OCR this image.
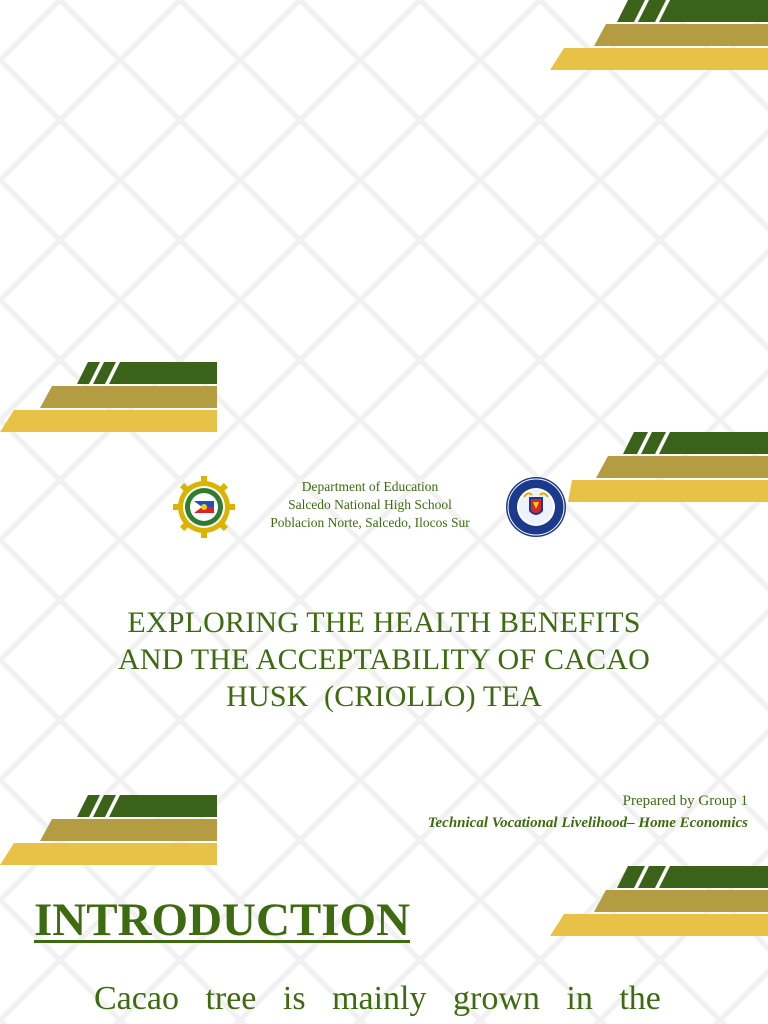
Department of Education
Salcedo National High School
Poblacion Norte, Salcedo, Ilocos Sur
EXPLORING THE HEALTH BENEFITS
AND THE ACCEPTABILITY OF CACAO
HUSK  (CRIOLLO) TEA
Prepared by Group 1
Technical Vocational Livelihood– Home Economics
INTRODUCTION
Cacao tree is mainly grown in the
